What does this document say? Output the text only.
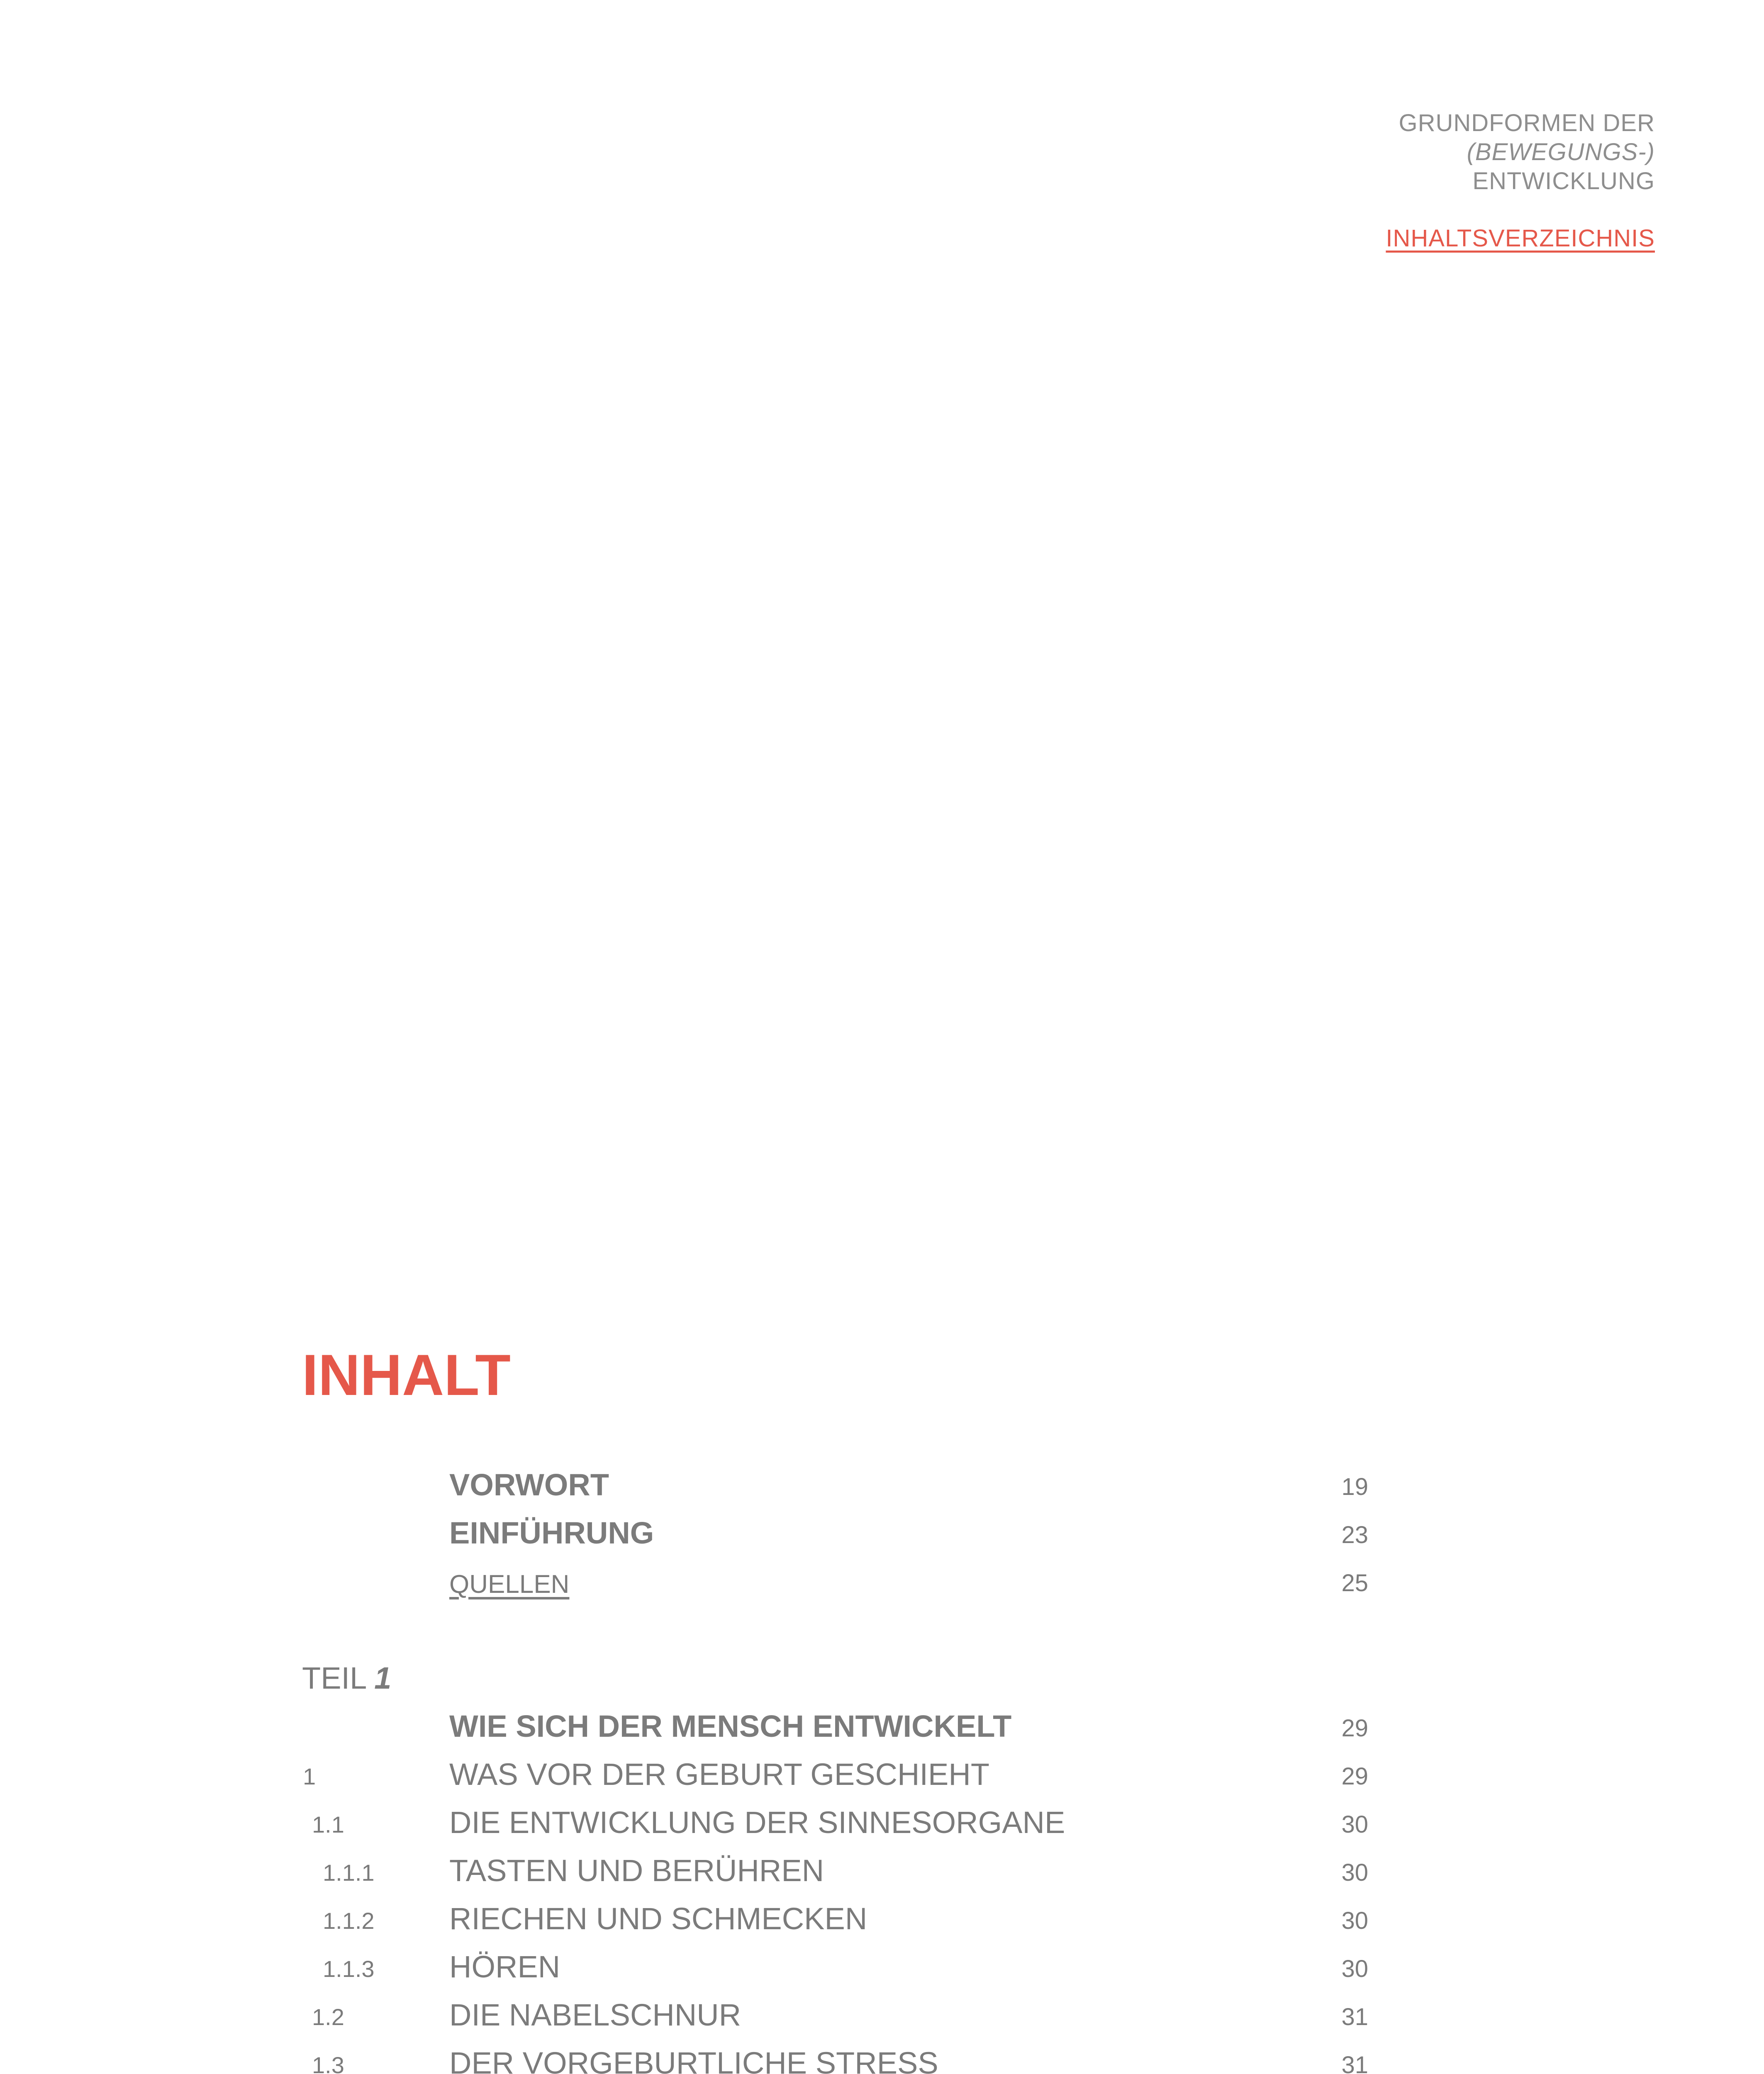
GRUNDFORMEN DER
(BEWEGUNGS-)
ENTWICKLUNG
INHALTSVERZEICHNIS
INHALT
VORWORT	19
EINFÜHRUNG	23
QUELLEN	25
TEIL 1
WIE SICH DER MENSCH ENTWICKELT	29
1	WAS VOR DER GEBURT GESCHIEHT	29
1.1	DIE ENTWICKLUNG DER SINNESORGANE	30
1.1.1 TASTEN UND BERÜHREN	30
1.1.2 RIECHEN UND SCHMECKEN	30
1.1.3 HÖREN	30
1.2	DIE NABELSCHNUR	31
1.3	DER VORGEBURTLICHE STRESS	31
